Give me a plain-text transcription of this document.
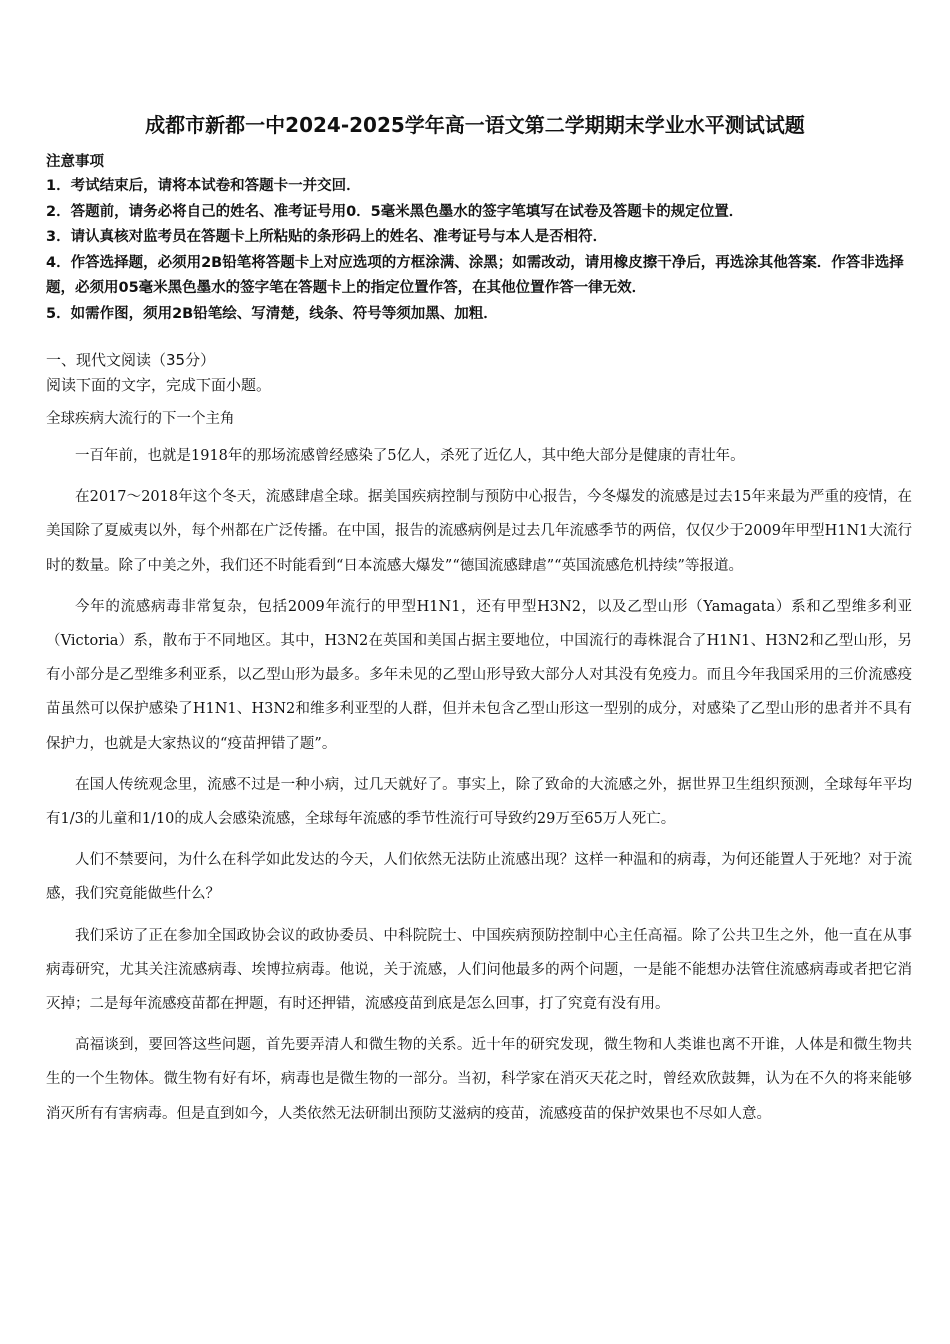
成都市新都一中2024-2025学年高一语文第二学期期末学业水平测试试题
注意事项

1．考试结束后，请将本试卷和答题卡一并交回．

2．答题前，请务必将自己的姓名、准考证号用0．5毫米黑色墨水的签字笔填写在试卷及答题卡的规定位置．

3．请认真核对监考员在答题卡上所粘贴的条形码上的姓名、准考证号与本人是否相符．

4．作答选择题，必须用2B铅笔将答题卡上对应选项的方框涂满、涂黑；如需改动，请用橡皮擦干净后，再选涂其他答案．作答非选择题，必须用05毫米黑色墨水的签字笔在答题卡上的指定位置作答，在其他位置作答一律无效．

5．如需作图，须用2B铅笔绘、写清楚，线条、符号等须加黑、加粗．

一、现代文阅读（35分）
阅读下面的文字，完成下面小题。
全球疾病大流行的下一个主角

一百年前，也就是1918年的那场流感曾经感染了5亿人，杀死了近亿人，其中绝大部分是健康的青壮年。

在2017～2018年这个冬天，流感肆虐全球。据美国疾病控制与预防中心报告，今冬爆发的流感是过去15年来最为严重的疫情，在美国除了夏威夷以外，每个州都在广泛传播。在中国，报告的流感病例是过去几年流感季节的两倍，仅仅少于2009年甲型H1N1大流行时的数量。除了中美之外，我们还不时能看到“日本流感大爆发”“德国流感肆虐”“英国流感危机持续”等报道。

今年的流感病毒非常复杂，包括2009年流行的甲型H1N1，还有甲型H3N2，以及乙型山形（Yamagata）系和乙型维多利亚（Victoria）系，散布于不同地区。其中，H3N2在英国和美国占据主要地位，中国流行的毒株混合了H1N1、H3N2和乙型山形，另有小部分是乙型维多利亚系，以乙型山形为最多。多年未见的乙型山形导致大部分人对其没有免疫力。而且今年我国采用的三价流感疫苗虽然可以保护感染了H1N1、H3N2和维多利亚型的人群，但并未包含乙型山形这一型别的成分，对感染了乙型山形的患者并不具有保护力，也就是大家热议的“疫苗押错了题”。

在国人传统观念里，流感不过是一种小病，过几天就好了。事实上，除了致命的大流感之外，据世界卫生组织预测，全球每年平均有1/3的儿童和1/10的成人会感染流感，全球每年流感的季节性流行可导致约29万至65万人死亡。

人们不禁要问，为什么在科学如此发达的今天，人们依然无法防止流感出现？这样一种温和的病毒，为何还能置人于死地？对于流感，我们究竟能做些什么？

我们采访了正在参加全国政协会议的政协委员、中科院院士、中国疾病预防控制中心主任高福。除了公共卫生之外，他一直在从事病毒研究，尤其关注流感病毒、埃博拉病毒。他说，关于流感，人们问他最多的两个问题，一是能不能想办法管住流感病毒或者把它消灭掉；二是每年流感疫苗都在押题，有时还押错，流感疫苗到底是怎么回事，打了究竟有没有用。

高福谈到，要回答这些问题，首先要弄清人和微生物的关系。近十年的研究发现，微生物和人类谁也离不开谁，人体是和微生物共生的一个生物体。微生物有好有坏，病毒也是微生物的一部分。当初，科学家在消灭天花之时，曾经欢欣鼓舞，认为在不久的将来能够消灭所有有害病毒。但是直到如今，人类依然无法研制出预防艾滋病的疫苗，流感疫苗的保护效果也不尽如人意。
